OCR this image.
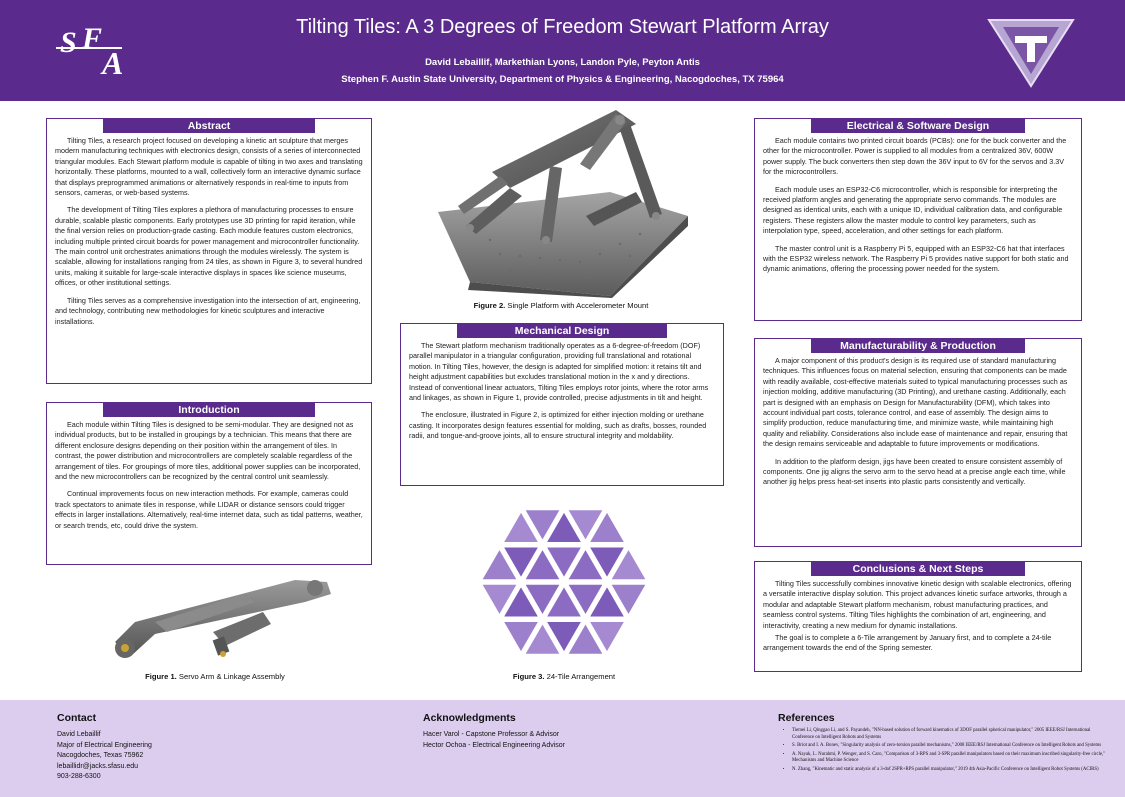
S F
A
Tilting Tiles: A 3 Degrees of Freedom Stewart Platform Array
David Lebaillif, Markethian Lyons, Landon Pyle, Peyton Antis
Stephen F. Austin State University, Department of Physics & Engineering, Nacogdoches, TX 75964
Abstract

Tilting Tiles, a research project focused on developing a kinetic art sculpture that merges modern manufacturing techniques with electronics design, consists of a series of interconnected triangular modules. Each Stewart platform module is capable of tilting in two axes and translating horizontally. These platforms, mounted to a wall, collectively form an interactive dynamic surface that displays preprogrammed animations or alternatively responds in real-time to inputs from sensors, cameras, or web-based systems.

The development of Tilting Tiles explores a plethora of manufacturing processes to ensure durable, scalable plastic components. Early prototypes use 3D printing for rapid iteration, while the final version relies on production-grade casting. Each module features custom electronics, including multiple printed circuit boards for power management and microcontroller functionality. The main control unit orchestrates animations through the modules wirelessly. The system is scalable, allowing for installations ranging from 24 tiles, as shown in Figure 3, to several hundred units, making it suitable for large-scale interactive displays in spaces like science museums, offices, or other institutional settings.

Tilting Tiles serves as a comprehensive investigation into the intersection of art, engineering, and technology, contributing new methodologies for kinetic sculptures and interactive installations.

Introduction

Each module within Tilting Tiles is designed to be semi-modular. They are designed not as individual products, but to be installed in groupings by a technician. This means that there are different enclosure designs depending on their position within the arrangement of tiles. In contrast, the power distribution and microcontrollers are completely scalable regardless of the arrangement of tiles. For groupings of more tiles, additional power supplies can be incorporated, and the new microcontrollers can be recognized by the central control unit seamlessly.

Continual improvements focus on new interaction methods. For example, cameras could track spectators to animate tiles in response, while LIDAR or distance sensors could trigger effects in larger installations. Alternatively, real-time internet data, such as tidal patterns, weather, or search trends, etc, could drive the system.

Figure 1. Servo Arm & Linkage Assembly
Figure 2. Single Platform with Accelerometer Mount
Mechanical Design

The Stewart platform mechanism traditionally operates as a 6-degree-of-freedom (DOF) parallel manipulator in a triangular configuration, providing full translational and rotational motion. In Tilting Tiles, however, the design is adapted for simplified motion: it retains tilt and height adjustment capabilities but excludes translational motion in the x and y directions. Instead of conventional linear actuators, Tilting Tiles employs rotor joints, where the rotor arms and linkages, as shown in Figure 1, provide controlled, precise adjustments in tilt and height.

The enclosure, illustrated in Figure 2, is optimized for either injection molding or urethane casting. It incorporates design features essential for molding, such as drafts, bosses, rounded radii, and tongue-and-groove joints, all to ensure structural integrity and moldability.

Figure 3. 24-Tile Arrangement
Electrical & Software Design

Each module contains two printed circuit boards (PCBs): one for the buck converter and the other for the microcontroller. Power is supplied to all modules from a centralized 36V, 600W power supply. The buck converters then step down the 36V input to 6V for the servos and 3.3V for the microcontrollers.

Each module uses an ESP32-C6 microcontroller, which is responsible for interpreting the received platform angles and generating the appropriate servo commands. The modules are designed as identical units, each with a unique ID, individual calibration data, and configurable registers. These registers allow the master module to control key parameters, such as interpolation type, speed, acceleration, and other settings for each platform.

The master control unit is a Raspberry Pi 5, equipped with an ESP32-C6 hat that interfaces with the ESP32 wireless network. The Raspberry Pi 5 provides native support for both static and dynamic animations, offering the processing power needed for the system.

Manufacturability & Production

A major component of this product's design is its required use of standard manufacturing techniques. This influences focus on material selection, ensuring that components can be made with readily available, cost-effective materials suited to typical manufacturing processes such as injection molding, additive manufacturing (3D Printing), and urethane casting. Additionally, each part is designed with an emphasis on Design for Manufacturability (DFM), which takes into account individual part costs, tolerance control, and ease of assembly. The design aims to simplify production, reduce manufacturing time, and minimize waste, while maintaining high quality and reliability. Considerations also include ease of maintenance and repair, ensuring that the design remains serviceable and adaptable to future improvements or modifications.

In addition to the platform design, jigs have been created to ensure consistent assembly of components. One jig aligns the servo arm to the servo head at a precise angle each time, while another jig helps press heat-set inserts into plastic parts consistently and vertically.

Conclusions & Next Steps

Tilting Tiles successfully combines innovative kinetic design with scalable electronics, offering a versatile interactive display solution. This project advances kinetic surface artworks, through a modular and adaptable Stewart platform mechanism, robust manufacturing practices, and seamless control systems. Tilting Tiles highlights the combination of art, engineering, and interactivity, creating a new medium for dynamic installations.

The goal is to complete a 6-Tile arrangement by January first, and to complete a 24-tile arrangement towards the end of the Spring semester.

Contact
David Lebaillif
Major of Electrical Engineering
Nacogdoches, Texas 75962
lebaillidr@jacks.sfasu.edu
903-288-6300
Acknowledgments
Hacer Varol - Capstone Professor & Advisor
Hector Ochoa - Electrical Engineering Advisor
References
• Tiemei Li, Qinggao Li, and S. Payandeh, "NN-based solution of forward kinematics of 3DOF parallel spherical manipulator," 2005 IEEE/RSJ International Conference on Intelligent Robots and Systems
• S. Briot and I. A. Bonev, "Singularity analysis of zero-torsion parallel mechanisms," 2008 IEEE/RSJ International Conference on Intelligent Robots and Systems
• A. Nayak, L. Nurahmi, P. Wenger, and S. Caro, "Comparison of 3-RPS and 3-SPR parallel manipulators based on their maximum inscribed singularity-free circle," Mechanisms and Machine Science
• N. Zhang, "Kinematic and static analysis of a 3-dof 2SPR+RPS parallel manipulator," 2019 4th Asia-Pacific Conference on Intelligent Robot Systems (ACIRS)
